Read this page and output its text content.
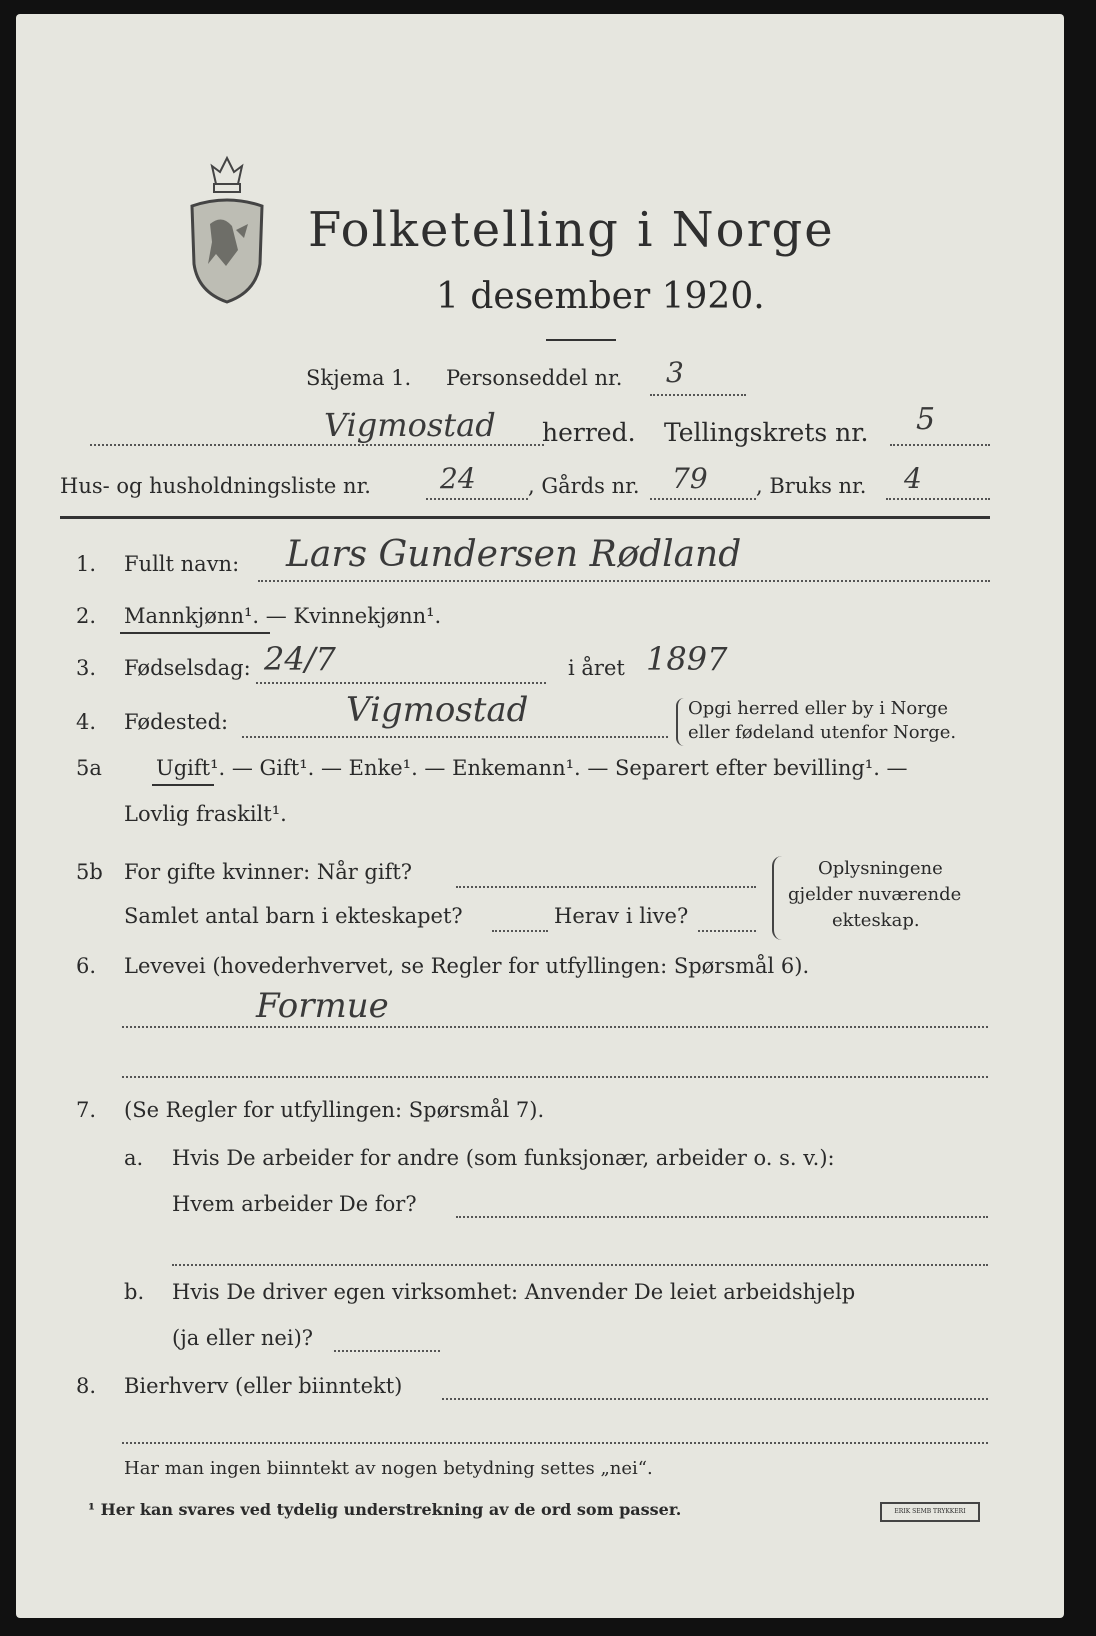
Folketelling i Norge
1 desember 1920.
Skjema 1. Personseddel nr. 3
Vigmostad herred. Tellingskrets nr. 5
Hus- og husholdningsliste nr. 24 , Gårds nr. 79 , Bruks nr. 4
1. Fullt navn: Lars Gundersen Rødland
2. Mannkjønn¹. — Kvinnekjønn¹.
3. Fødselsdag: 24/7	i året 1897
4. Fødested:	Vigmostad	Opgi herred eller by i Norge
eller fødeland utenfor Norge.
5a	Ugift¹. — Gift¹. — Enke¹. — Enkemann¹. — Separert efter bevilling¹. —
Lovlig fraskilt¹.
5b For gifte kvinner: Når gift?
Samlet antal barn i ekteskapet?	Herav i live?
Oplysningene
gjelder nuværende
ekteskap.
6. Levevei (hovederhvervet, se Regler for utfyllingen: Spørsmål 6).
Formue
7. (Se Regler for utfyllingen: Spørsmål 7).
a. Hvis De arbeider for andre (som funksjonær, arbeider o. s. v.):
Hvem arbeider De for?
b. Hvis De driver egen virksomhet: Anvender De leiet arbeidshjelp
(ja eller nei)?
8. Bierhverv (eller biinntekt)
Har man ingen biinntekt av nogen betydning settes „nei“.
¹ Her kan svares ved tydelig understrekning av de ord som passer.	ERIK SEMB TRYKKERI
